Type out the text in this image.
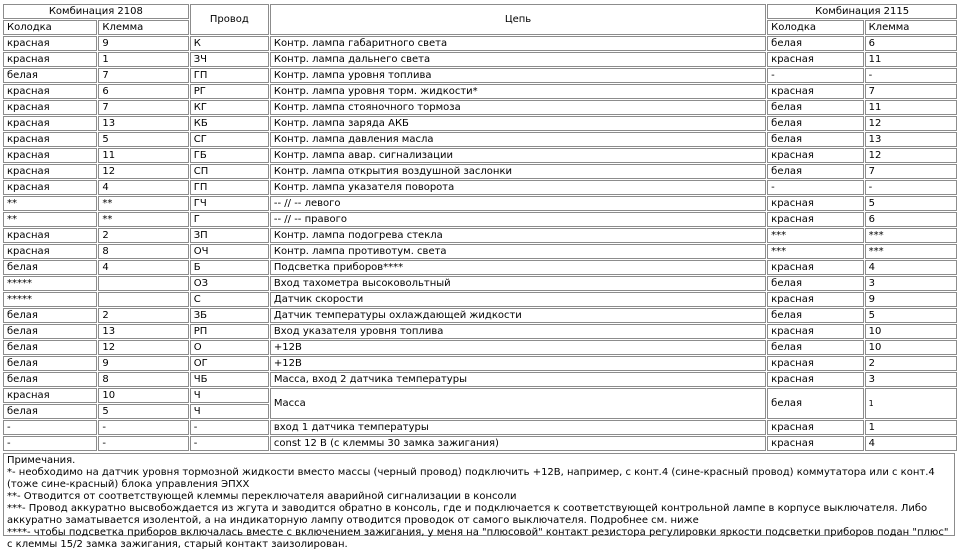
Комбинация 2108		Провод	Цепь	Комбинация 2115	
Колодка	Клемма			Колодка	Клемма
красная	9	К	Контр. лампа габаритного света	белая	6
красная	1	ЗЧ	Контр. лампа дальнего света	красная	11
белая	7	ГП	Контр. лампа уровня топлива	-	-
красная	6	РГ	Контр. лампа уровня торм. жидкости*	красная	7
красная	7	КГ	Контр. лампа стояночного тормоза	белая	11
красная	13	КБ	Контр. лампа заряда АКБ	белая	12
красная	5	СГ	Контр. лампа давления масла	белая	13
красная	11	ГБ	Контр. лампа авар. сигнализации	красная	12
красная	12	СП	Контр. лампа открытия воздушной заслонки	белая	7
красная	4	ГП	Контр. лампа указателя поворота	-	-
**	**	ГЧ	-- // -- левого	красная	5
**	**	Г	-- // -- правого	красная	6
красная	2	ЗП	Контр. лампа подогрева стекла	***	***
красная	8	ОЧ	Контр. лампа противотум. света	***	***
белая	4	Б	Подсветка приборов****	красная	4
*****		ОЗ	Вход тахометра высоковольтный	белая	3
*****		С	Датчик скорости	красная	9
белая	2	ЗБ	Датчик температуры охлаждающей жидкости	белая	5
белая	13	РП	Вход указателя уровня топлива	красная	10
белая	12	О	+12В	белая	10
белая	9	ОГ	+12В	красная	2
белая	8	ЧБ	Масса, вход 2 датчика температуры	красная	3
красная	10	Ч	Масса	белая	1
белая	5	Ч			
-	-	-	вход 1 датчика температуры	красная	1
-	-	-	const 12 В (с клеммы 30 замка зажигания)	красная	4
Примечания.
*- необходимо на датчик уровня тормозной жидкости вместо массы (черный провод) подключить +12В, например, с конт.4 (сине-красный провод) коммутатора или с конт.4 (тоже сине-красный) блока управления ЭПХХ
**- Отводится от соответствующей клеммы переключателя аварийной сигнализации в консоли
***- Провод аккуратно высвобождается из жгута и заводится обратно в консоль, где и подключается к соответствующей контрольной лампе в корпусе выключателя. Либо аккуратно заматывается изолентой, а на индикаторную лампу отводится проводок от самого выключателя. Подробнее см. ниже
****- чтобы подсветка приборов включалась вместе с включением зажигания, у меня на "плюсовой" контакт резистора регулировки яркости подсветки приборов подан "плюс" с клеммы 15/2 замка зажигания, старый контакт заизолирован.
